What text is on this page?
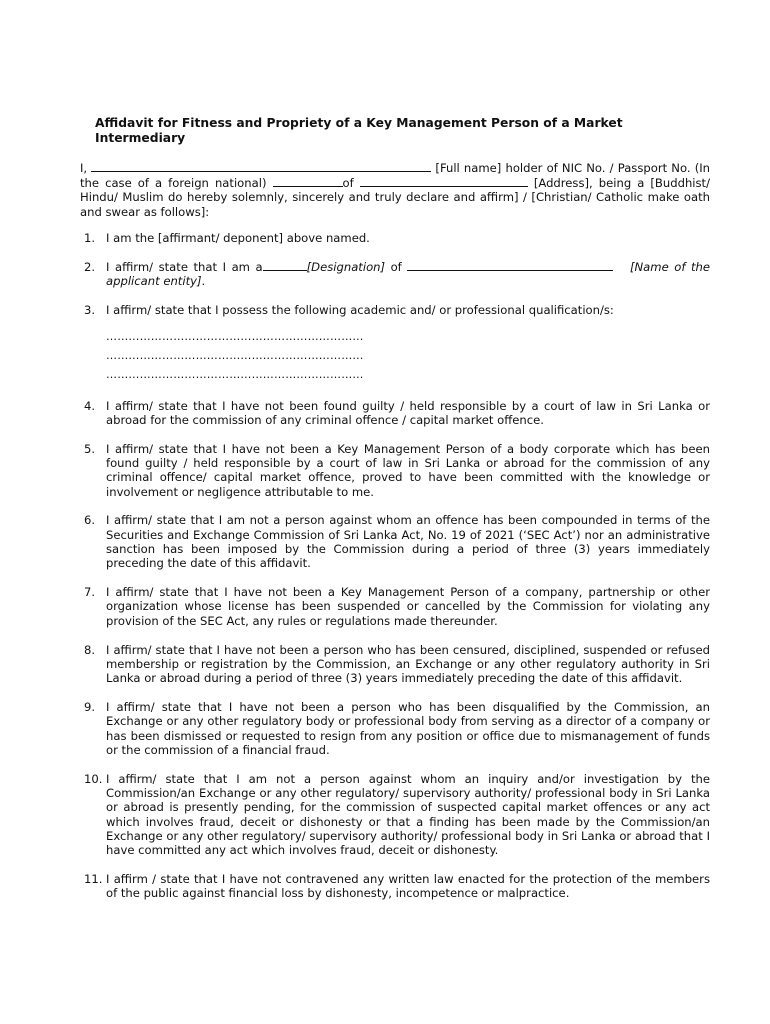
Affidavit for Fitness and Propriety of a Key Management Person of a Market Intermediary
I,	[Full name] holder of NIC No. / Passport No. (In the case of a foreign national)	of	[Address], being a [Buddhist/ Hindu/ Muslim do hereby solemnly, sincerely and truly declare and affirm] / [Christian/ Catholic make oath and swear as follows]:
1. I am the [affirmant/ deponent] above named.
2. I affirm/ state that I am a	[Designation] of	[Name of the applicant entity].
3. I affirm/ state that I possess the following academic and/ or professional qualification/s:
……………………………………………………………
……………………………………………………………
……………………………………………………………
4. I affirm/ state that I have not been found guilty / held responsible by a court of law in Sri Lanka or abroad for the commission of any criminal offence / capital market offence.
5. I affirm/ state that I have not been a Key Management Person of a body corporate which has been found guilty / held responsible by a court of law in Sri Lanka or abroad for the commission of any criminal offence/ capital market offence, proved to have been committed with the knowledge or involvement or negligence attributable to me.
6. I affirm/ state that I am not a person against whom an offence has been compounded in terms of the Securities and Exchange Commission of Sri Lanka Act, No. 19 of 2021 (‘SEC Act’) nor an administrative sanction has been imposed by the Commission during a period of three (3) years immediately preceding the date of this affidavit.
7. I affirm/ state that I have not been a Key Management Person of a company, partnership or other organization whose license has been suspended or cancelled by the Commission for violating any provision of the SEC Act, any rules or regulations made thereunder.
8. I affirm/ state that I have not been a person who has been censured, disciplined, suspended or refused membership or registration by the Commission, an Exchange or any other regulatory authority in Sri Lanka or abroad during a period of three (3) years immediately preceding the date of this affidavit.
9. I affirm/ state that I have not been a person who has been disqualified by the Commission, an Exchange or any other regulatory body or professional body from serving as a director of a company or has been dismissed or requested to resign from any position or office due to mismanagement of funds or the commission of a financial fraud.
10. I affirm/ state that I am not a person against whom an inquiry and/or investigation by the Commission/an Exchange or any other regulatory/ supervisory authority/ professional body in Sri Lanka or abroad is presently pending, for the commission of suspected capital market offences or any act which involves fraud, deceit or dishonesty or that a finding has been made by the Commission/an Exchange or any other regulatory/ supervisory authority/ professional body in Sri Lanka or abroad that I have committed any act which involves fraud, deceit or dishonesty.
11. I affirm / state that I have not contravened any written law enacted for the protection of the members of the public against financial loss by dishonesty, incompetence or malpractice.
